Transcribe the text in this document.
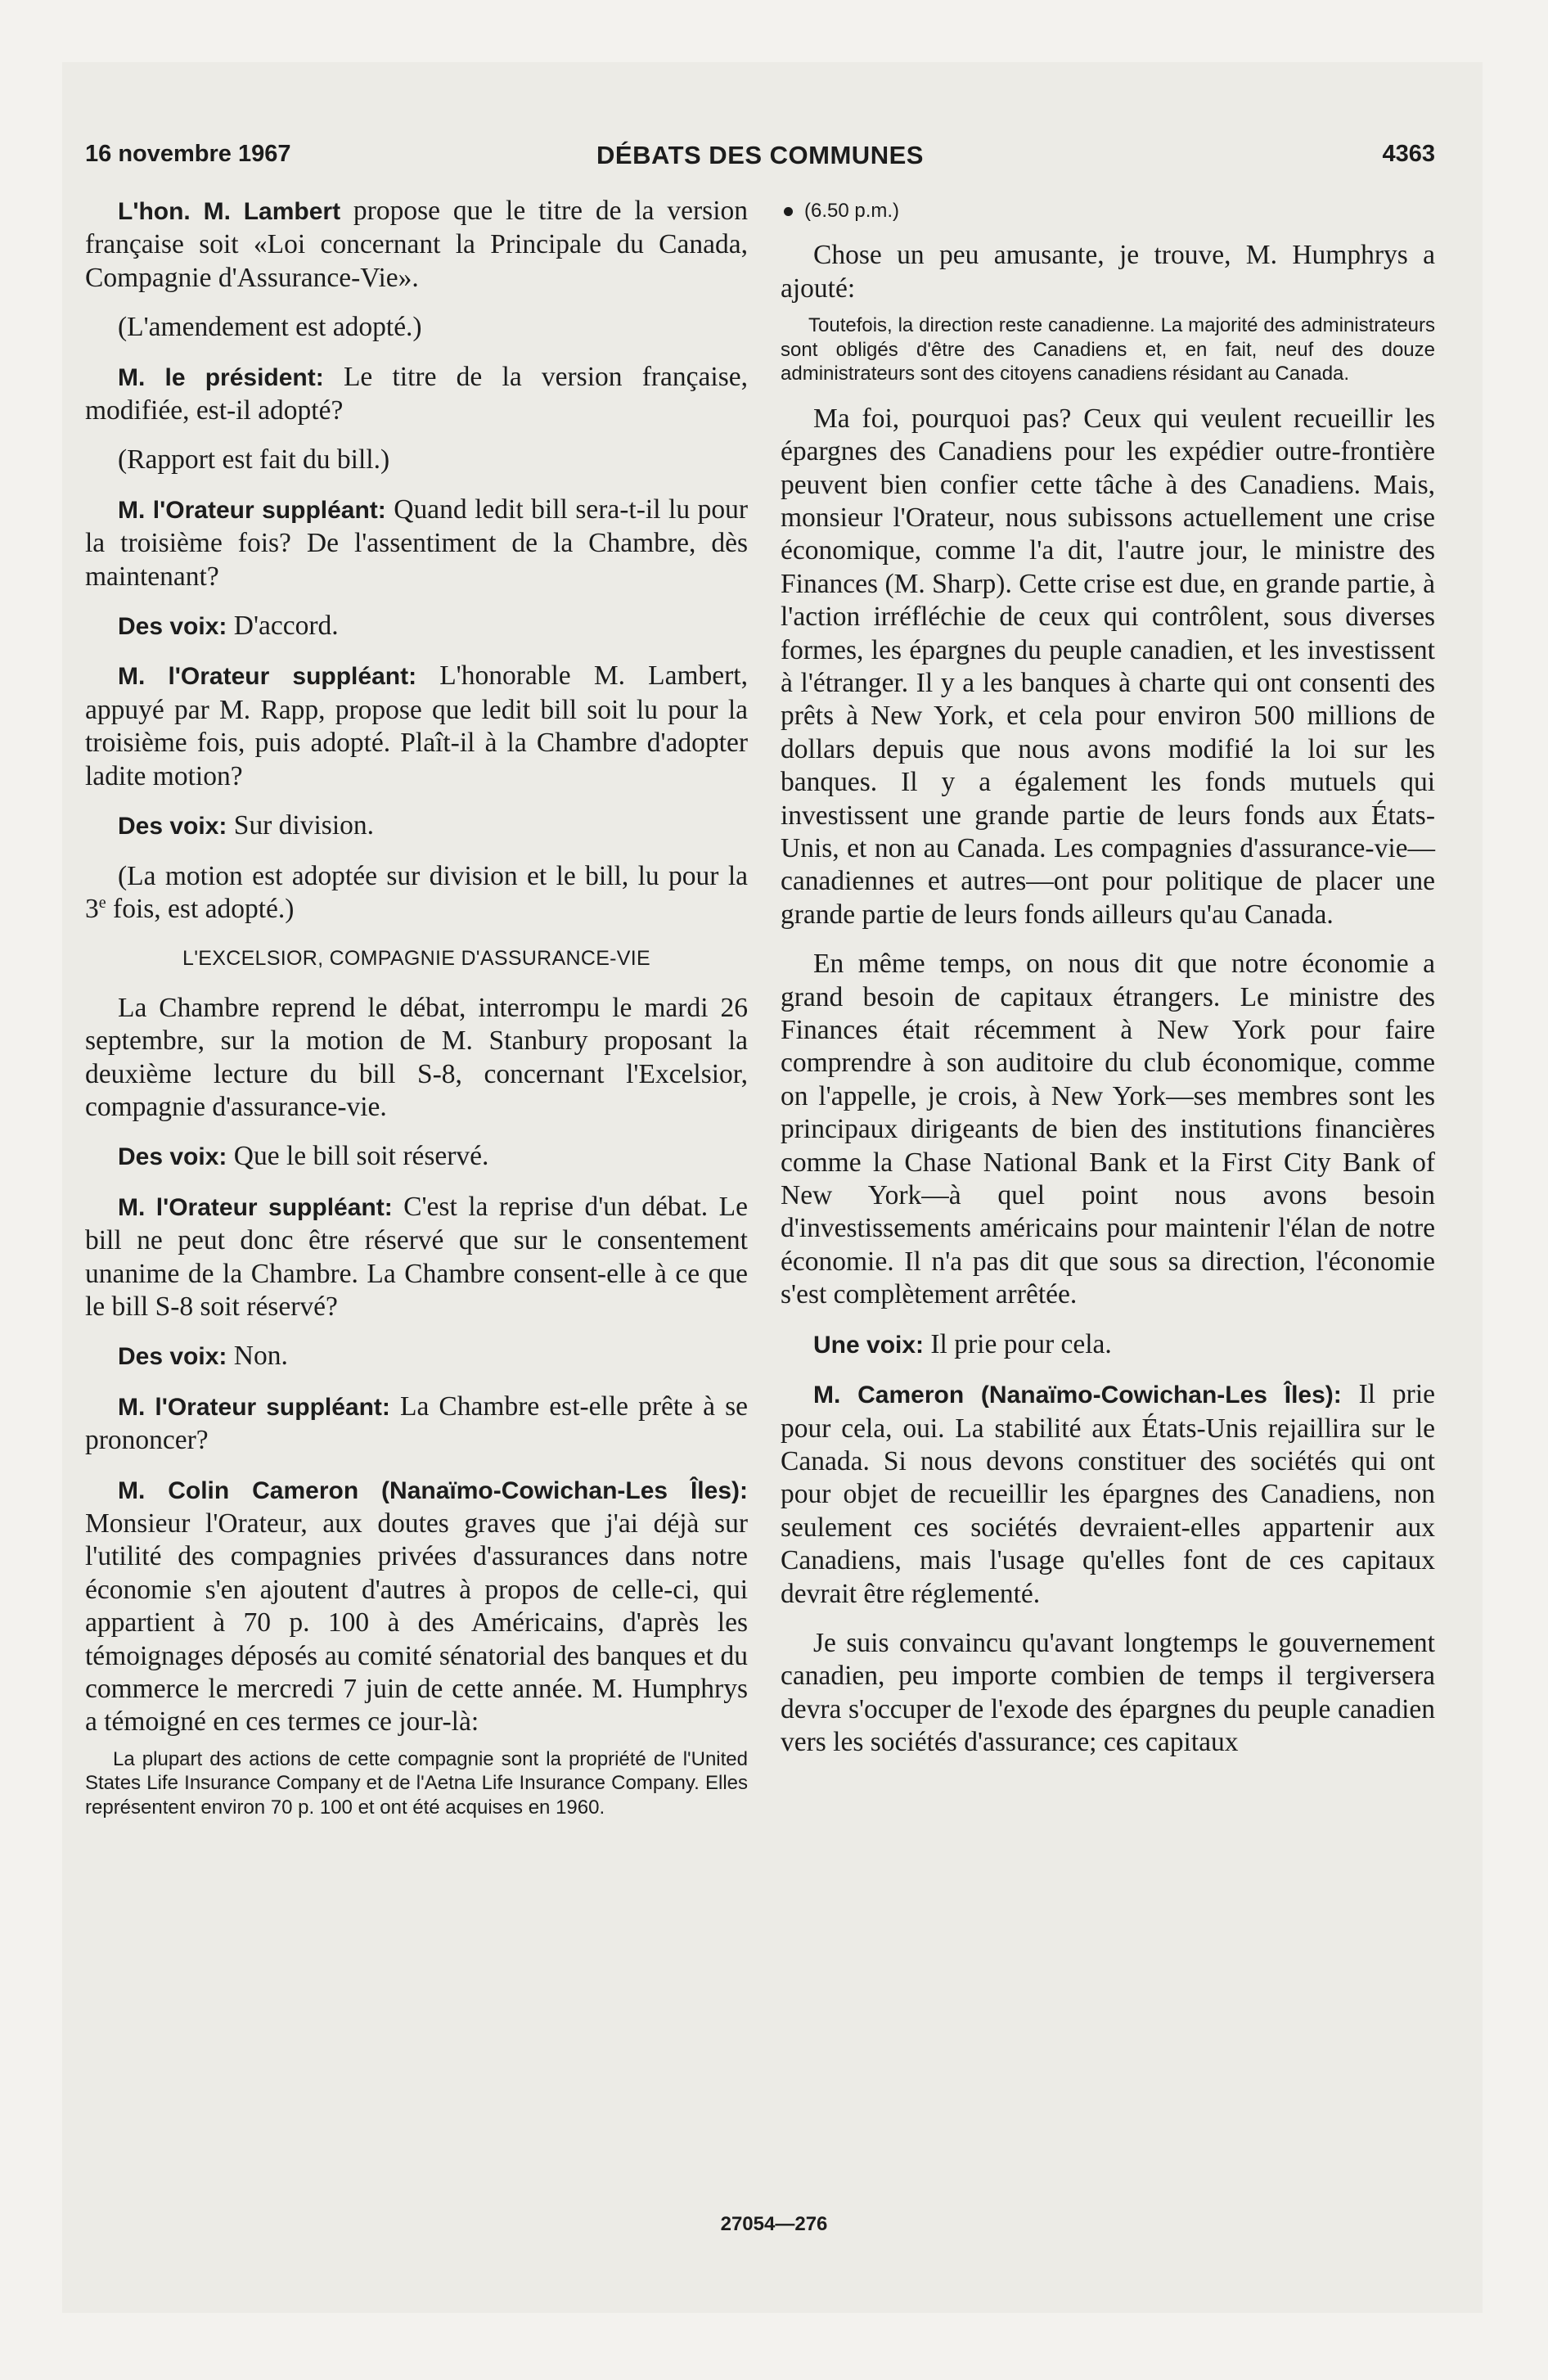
16 novembre 1967	DÉBATS DES COMMUNES	4363

L'hon. M. Lambert propose que le titre de la version française soit «Loi concernant la Principale du Canada, Compagnie d'Assurance-Vie».

(L'amendement est adopté.)

M. le président: Le titre de la version française, modifiée, est-il adopté?

(Rapport est fait du bill.)

M. l'Orateur suppléant: Quand ledit bill sera-t-il lu pour la troisième fois? De l'assentiment de la Chambre, dès maintenant?

Des voix: D'accord.

M. l'Orateur suppléant: L'honorable M. Lambert, appuyé par M. Rapp, propose que ledit bill soit lu pour la troisième fois, puis adopté. Plaît-il à la Chambre d'adopter ladite motion?

Des voix: Sur division.

(La motion est adoptée sur division et le bill, lu pour la 3e fois, est adopté.)

L'EXCELSIOR, COMPAGNIE D'ASSURANCE-VIE

La Chambre reprend le débat, interrompu le mardi 26 septembre, sur la motion de M. Stanbury proposant la deuxième lecture du bill S-8, concernant l'Excelsior, compagnie d'assurance-vie.

Des voix: Que le bill soit réservé.

M. l'Orateur suppléant: C'est la reprise d'un débat. Le bill ne peut donc être réservé que sur le consentement unanime de la Chambre. La Chambre consent-elle à ce que le bill S-8 soit réservé?

Des voix: Non.

M. l'Orateur suppléant: La Chambre est-elle prête à se prononcer?

M. Colin Cameron (Nanaïmo-Cowichan-Les Îles): Monsieur l'Orateur, aux doutes graves que j'ai déjà sur l'utilité des compagnies privées d'assurances dans notre économie s'en ajoutent d'autres à propos de celle-ci, qui appartient à 70 p. 100 à des Américains, d'après les témoignages déposés au comité sénatorial des banques et du commerce le mercredi 7 juin de cette année. M. Humphrys a témoigné en ces termes ce jour-là:

La plupart des actions de cette compagnie sont la propriété de l'United States Life Insurance Company et de l'Aetna Life Insurance Company. Elles représentent environ 70 p. 100 et ont été acquises en 1960.
(6.50 p.m.)

Chose un peu amusante, je trouve, M. Humphrys a ajouté:

Toutefois, la direction reste canadienne. La majorité des administrateurs sont obligés d'être des Canadiens et, en fait, neuf des douze administrateurs sont des citoyens canadiens résidant au Canada.

Ma foi, pourquoi pas? Ceux qui veulent recueillir les épargnes des Canadiens pour les expédier outre-frontière peuvent bien confier cette tâche à des Canadiens. Mais, monsieur l'Orateur, nous subissons actuellement une crise économique, comme l'a dit, l'autre jour, le ministre des Finances (M. Sharp). Cette crise est due, en grande partie, à l'action irréfléchie de ceux qui contrôlent, sous diverses formes, les épargnes du peuple canadien, et les investissent à l'étranger. Il y a les banques à charte qui ont consenti des prêts à New York, et cela pour environ 500 millions de dollars depuis que nous avons modifié la loi sur les banques. Il y a également les fonds mutuels qui investissent une grande partie de leurs fonds aux États-Unis, et non au Canada. Les compagnies d'assurance-vie—canadiennes et autres—ont pour politique de placer une grande partie de leurs fonds ailleurs qu'au Canada.

En même temps, on nous dit que notre économie a grand besoin de capitaux étrangers. Le ministre des Finances était récemment à New York pour faire comprendre à son auditoire du club économique, comme on l'appelle, je crois, à New York—ses membres sont les principaux dirigeants de bien des institutions financières comme la Chase National Bank et la First City Bank of New York—à quel point nous avons besoin d'investissements américains pour maintenir l'élan de notre économie. Il n'a pas dit que sous sa direction, l'économie s'est complètement arrêtée.

Une voix: Il prie pour cela.

M. Cameron (Nanaïmo-Cowichan-Les Îles): Il prie pour cela, oui. La stabilité aux États-Unis rejaillira sur le Canada. Si nous devons constituer des sociétés qui ont pour objet de recueillir les épargnes des Canadiens, non seulement ces sociétés devraient-elles appartenir aux Canadiens, mais l'usage qu'elles font de ces capitaux devrait être réglementé.

Je suis convaincu qu'avant longtemps le gouvernement canadien, peu importe combien de temps il tergiversera devra s'occuper de l'exode des épargnes du peuple canadien vers les sociétés d'assurance; ces capitaux

27054—276
